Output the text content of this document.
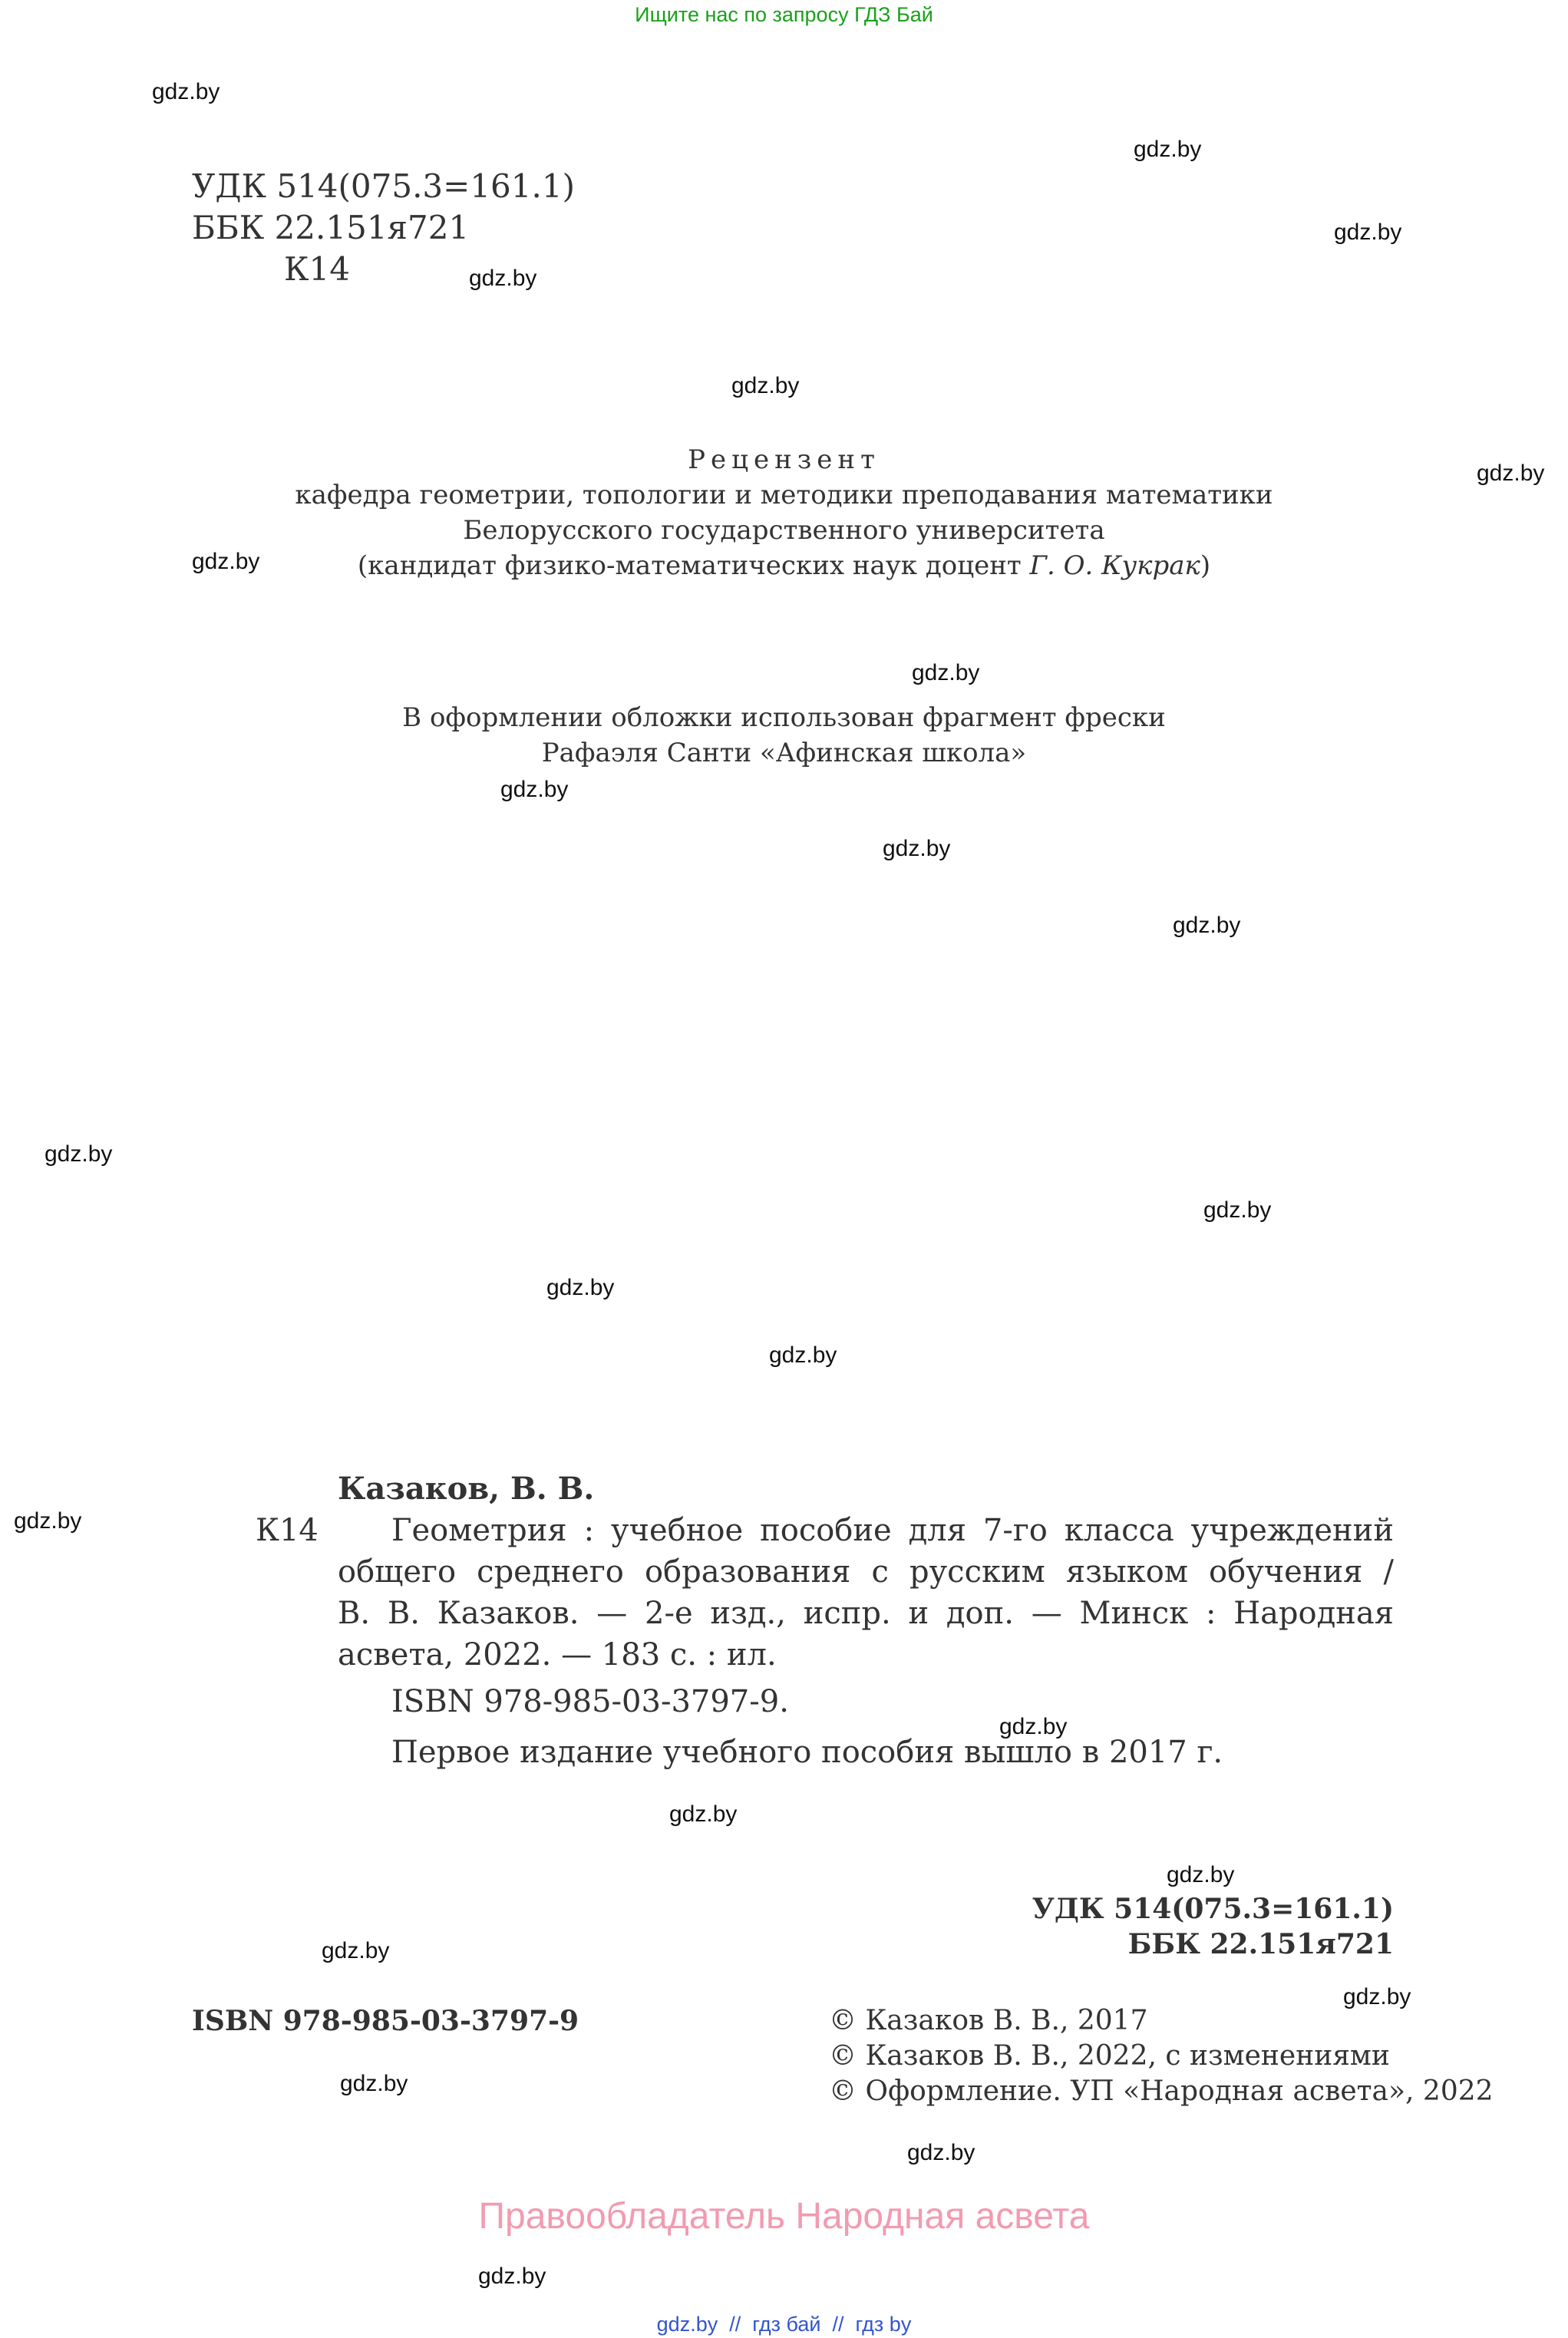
Ищите нас по запросу ГДЗ Бай
gdz.by
gdz.by
gdz.by
gdz.by
gdz.by
gdz.by
gdz.by
gdz.by
gdz.by
gdz.by
gdz.by
gdz.by
gdz.by
gdz.by
gdz.by
gdz.by
gdz.by
gdz.by
gdz.by
gdz.by
gdz.by
gdz.by
gdz.by
gdz.by
УДК 514(075.3=161.1)
ББК 22.151я721
К14
Рецензент
кафедра геометрии, топологии и методики преподавания математики
Белорусского государственного университета
(кандидат физико-математических наук доцент Г. О. Кукрак)
В оформлении обложки использован фрагмент фрески
Рафаэля Санти «Афинская школа»
Казаков, В. В.
К14 Геометрия : учебное пособие для 7-го класса учреждений
общего среднего образования с русским языком обучения /
В. В. Казаков. — 2-е изд., испр. и доп. — Минск : Народная
асвета, 2022. — 183 с. : ил.
ISBN 978-985-03-3797-9.
Первое издание учебного пособия вышло в 2017 г.
УДК 514(075.3=161.1)
ББК 22.151я721
ISBN 978-985-03-3797-9	© Казаков В. В., 2017
© Казаков В. В., 2022, с изменениями
© Оформление. УП «Народная асвета», 2022
Правообладатель Народная асвета
gdz.by // гдз бай // гдз by
